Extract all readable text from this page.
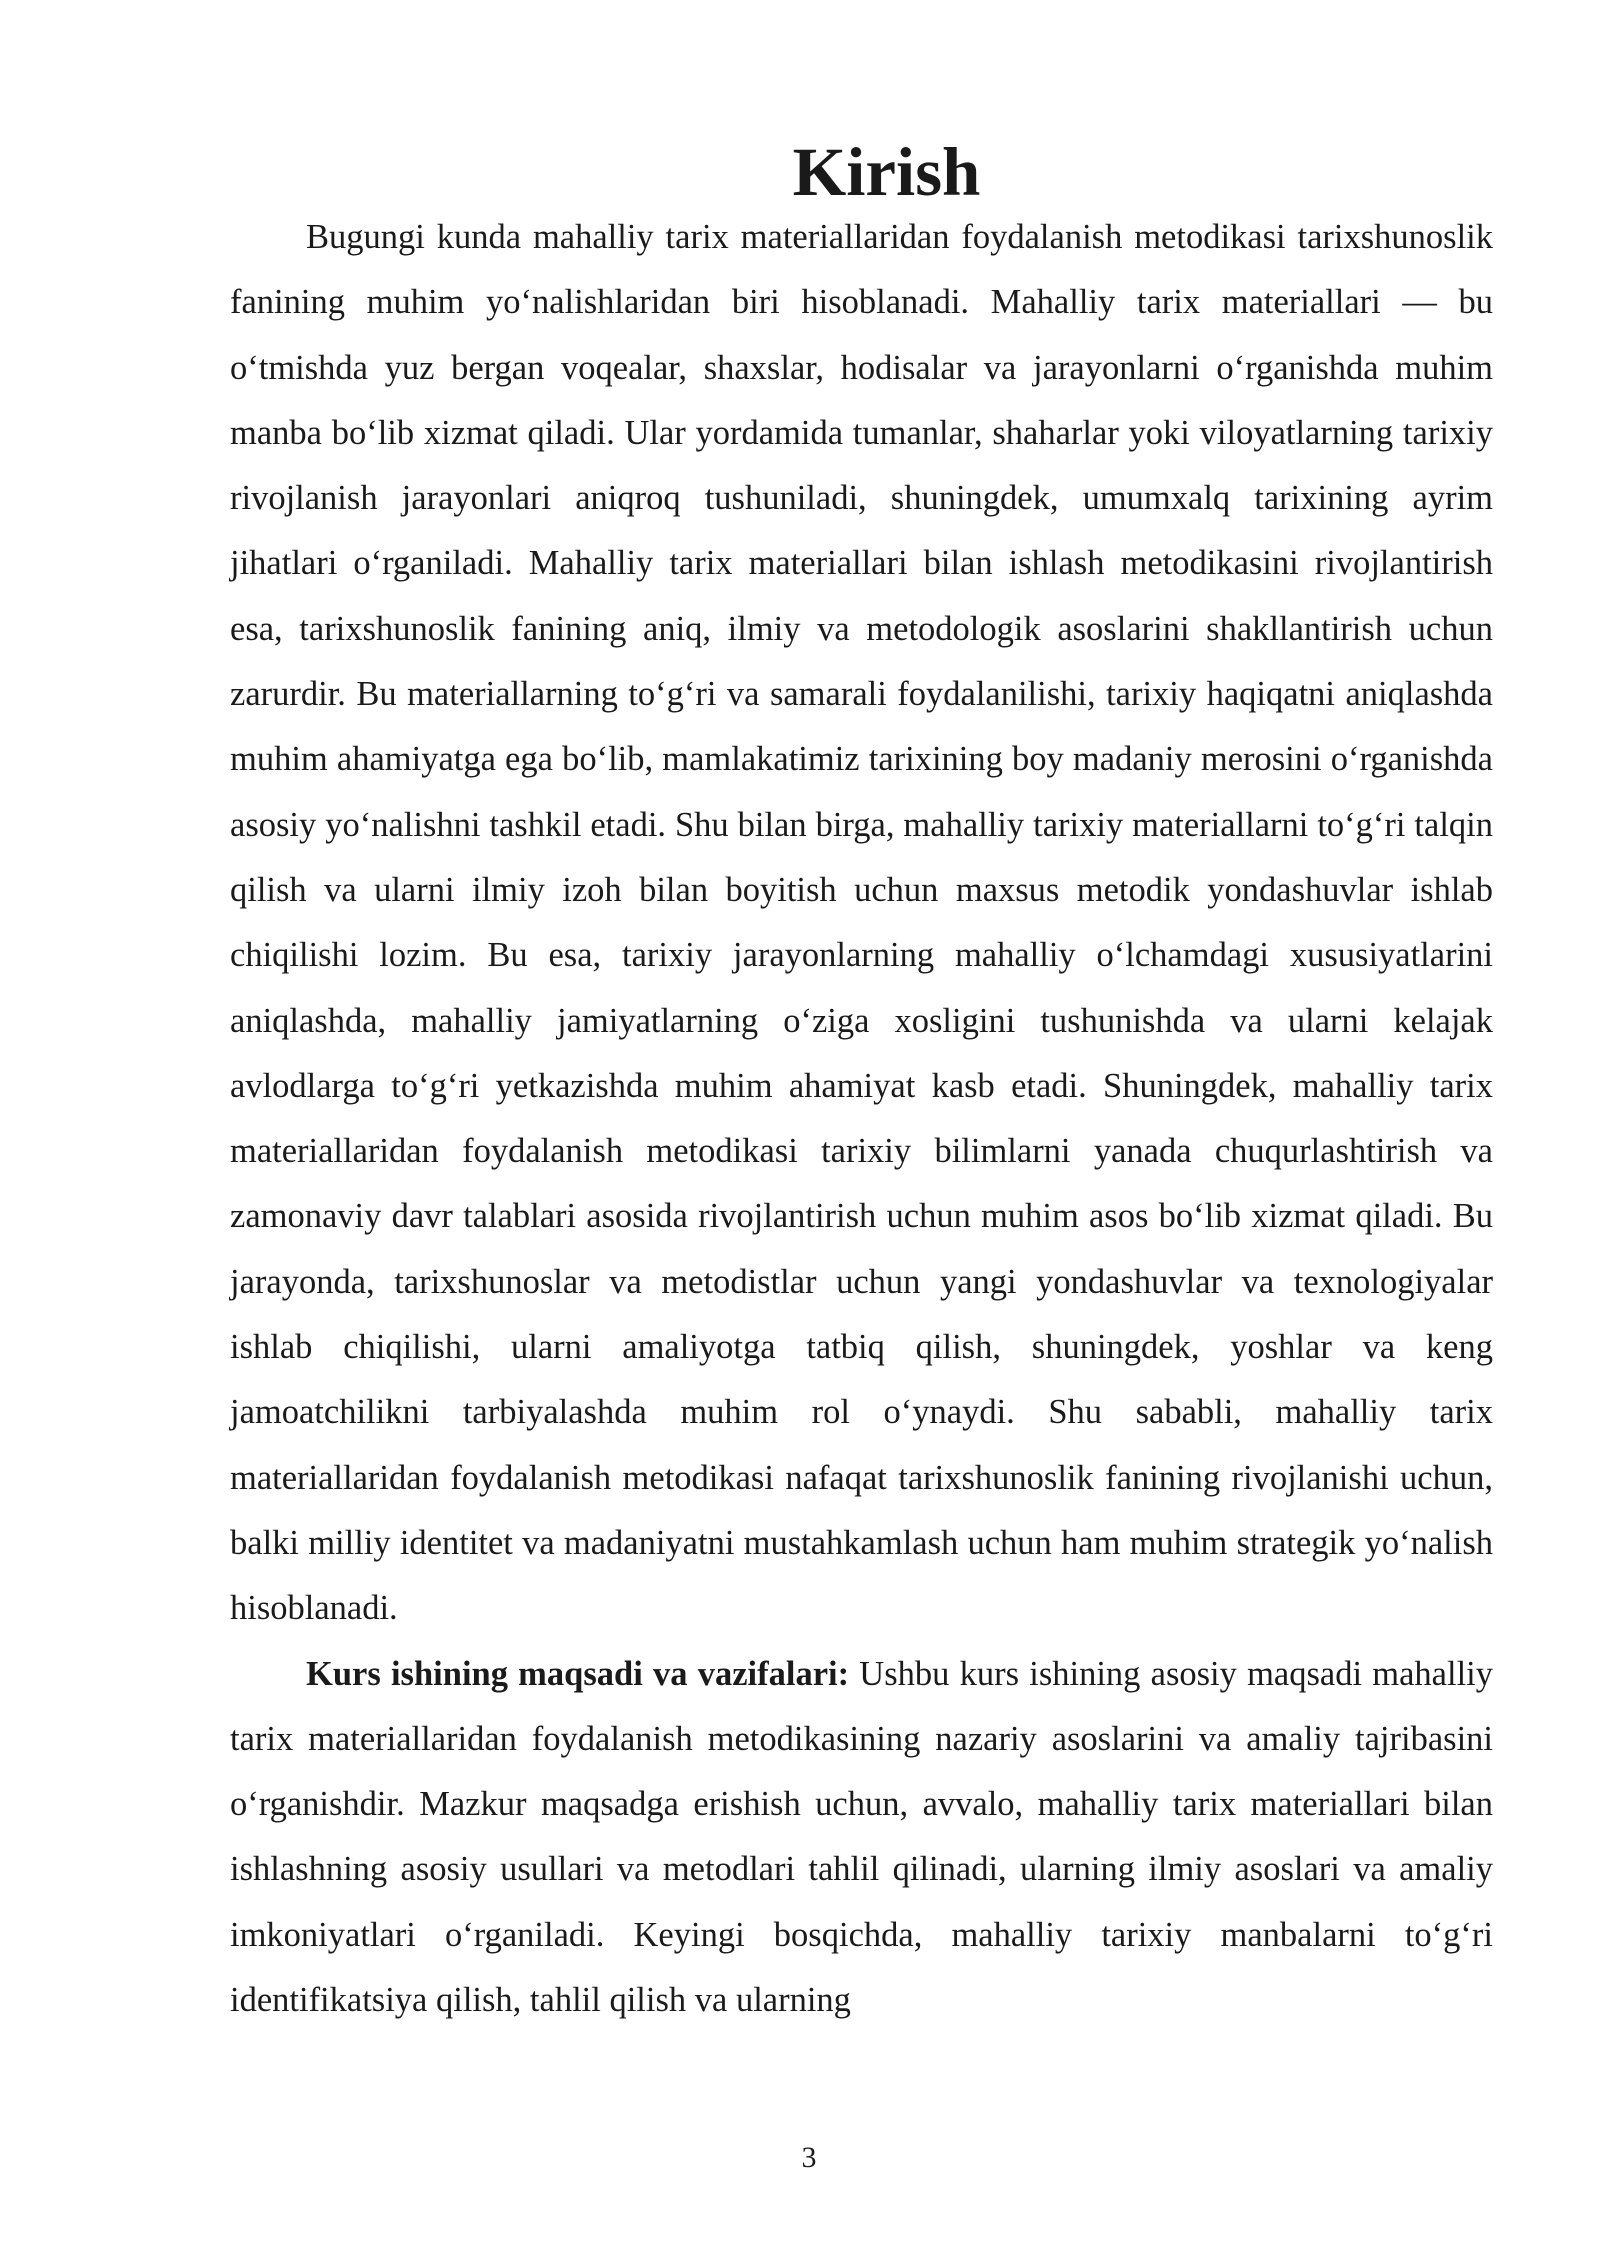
Kirish

Bugungi kunda mahalliy tarix materiallaridan foydalanish metodikasi tarixshunoslik fanining muhim yo‘nalishlaridan biri hisoblanadi. Mahalliy tarix materiallari — bu o‘tmishda yuz bergan voqealar, shaxslar, hodisalar va jarayonlarni o‘rganishda muhim manba bo‘lib xizmat qiladi. Ular yordamida tumanlar, shaharlar yoki viloyatlarning tarixiy rivojlanish jarayonlari aniqroq tushuniladi, shuningdek, umumxalq tarixining ayrim jihatlari o‘rganiladi. Mahalliy tarix materiallari bilan ishlash metodikasini rivojlantirish esa, tarixshunoslik fanining aniq, ilmiy va metodologik asoslarini shakllantirish uchun zarurdir. Bu materiallarning to‘g‘ri va samarali foydalanilishi, tarixiy haqiqatni aniqlashda muhim ahamiyatga ega bo‘lib, mamlakatimiz tarixining boy madaniy merosini o‘rganishda asosiy yo‘nalishni tashkil etadi. Shu bilan birga, mahalliy tarixiy materiallarni to‘g‘ri talqin qilish va ularni ilmiy izoh bilan boyitish uchun maxsus metodik yondashuvlar ishlab chiqilishi lozim. Bu esa, tarixiy jarayonlarning mahalliy o‘lchamdagi xususiyatlarini aniqlashda, mahalliy jamiyatlarning o‘ziga xosligini tushunishda va ularni kelajak avlodlarga to‘g‘ri yetkazishda muhim ahamiyat kasb etadi. Shuningdek, mahalliy tarix materiallaridan foydalanish metodikasi tarixiy bilimlarni yanada chuqurlashtirish va zamonaviy davr talablari asosida rivojlantirish uchun muhim asos bo‘lib xizmat qiladi. Bu jarayonda, tarixshunoslar va metodistlar uchun yangi yondashuvlar va texnologiyalar ishlab chiqilishi, ularni amaliyotga tatbiq qilish, shuningdek, yoshlar va keng jamoatchilikni tarbiyalashda muhim rol o‘ynaydi. Shu sababli, mahalliy tarix materiallaridan foydalanish metodikasi nafaqat tarixshunoslik fanining rivojlanishi uchun, balki milliy identitet va madaniyatni mustahkamlash uchun ham muhim strategik yo‘nalish hisoblanadi.

Kurs ishining maqsadi va vazifalari: Ushbu kurs ishining asosiy maqsadi mahalliy tarix materiallaridan foydalanish metodikasining nazariy asoslarini va amaliy tajribasini o‘rganishdir. Mazkur maqsadga erishish uchun, avvalo, mahalliy tarix materiallari bilan ishlashning asosiy usullari va metodlari tahlil qilinadi, ularning ilmiy asoslari va amaliy imkoniyatlari o‘rganiladi. Keyingi bosqichda, mahalliy tarixiy manbalarni to‘g‘ri identifikatsiya qilish, tahlil qilish va ularning

3
